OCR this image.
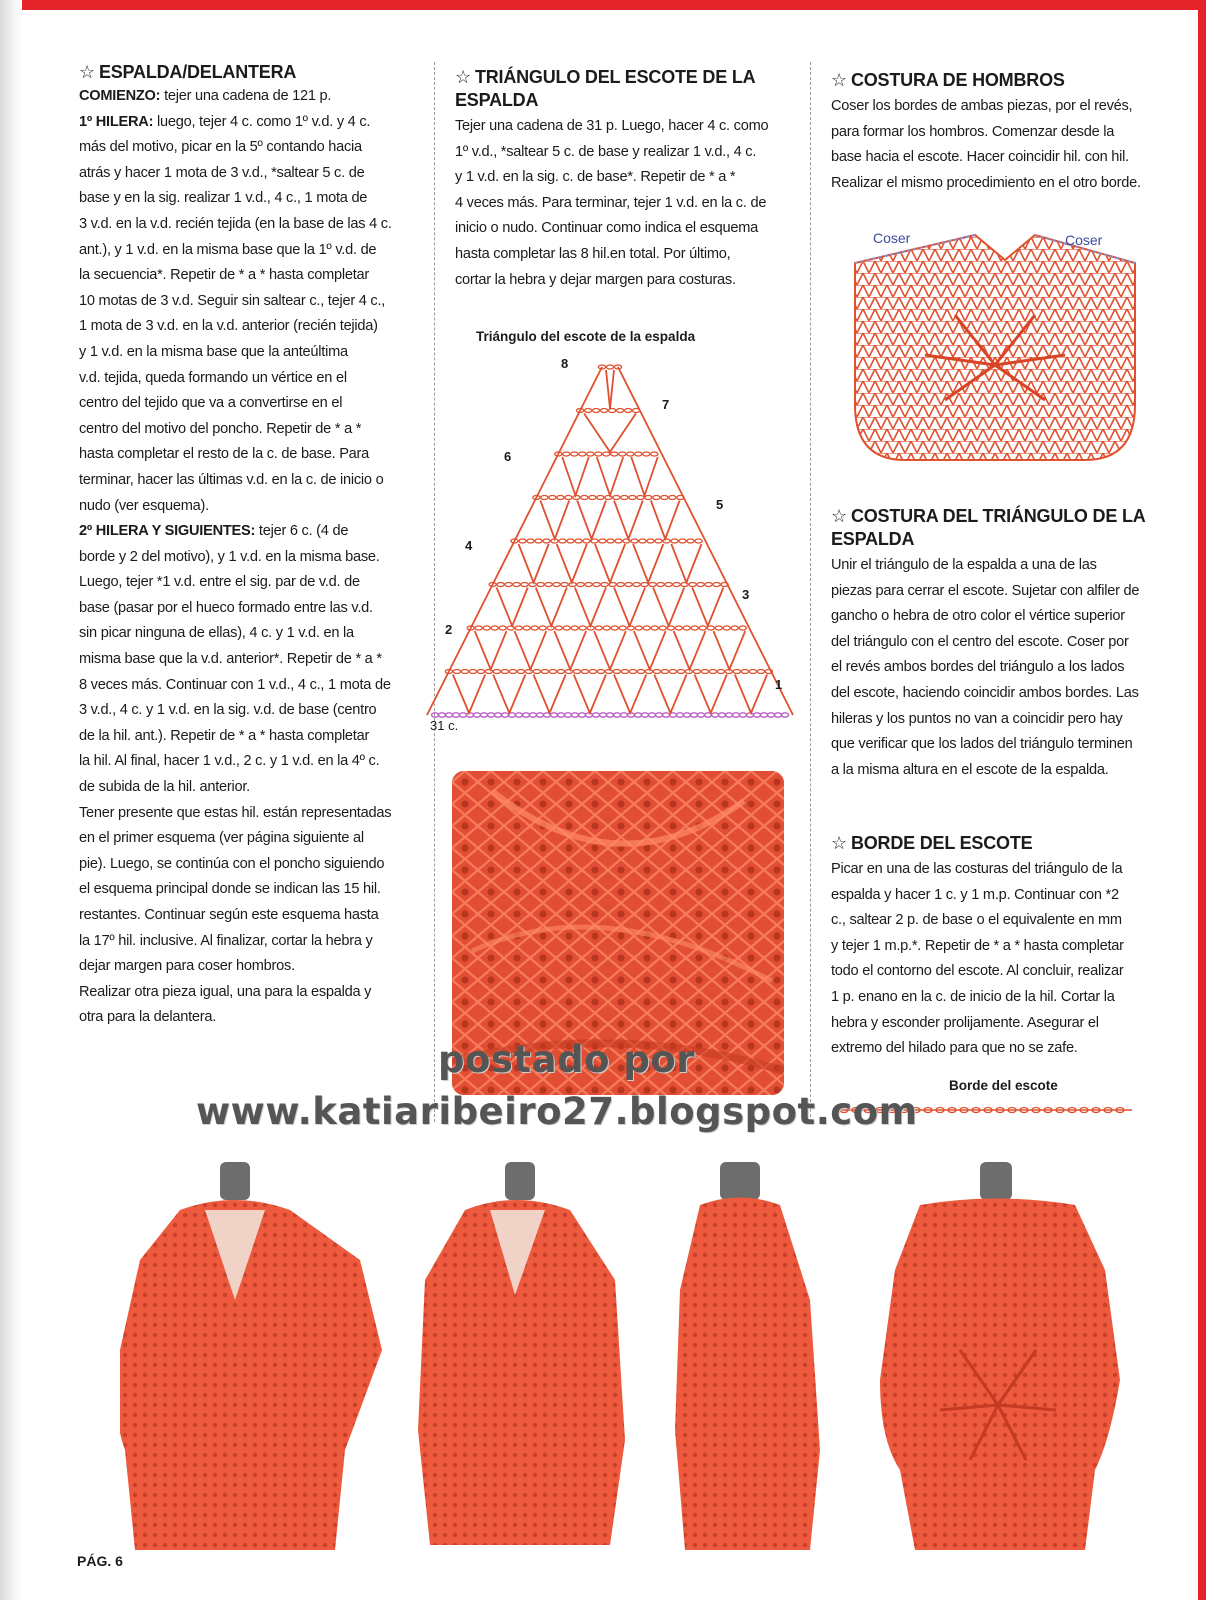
☆ ESPALDA/DELANTERA

COMIENZO: tejer una cadena de 121 p.

1º HILERA: luego, tejer 4 c. como 1º v.d. y 4 c.

más del motivo, picar en la 5º contando hacia

atrás y hacer 1 mota de 3 v.d., *saltear 5 c. de

base y en la sig. realizar 1 v.d., 4 c., 1 mota de

3 v.d. en la v.d. recién tejida (en la base de las 4 c.

ant.), y 1 v.d. en la misma base que la 1º v.d. de

la secuencia*. Repetir de * a * hasta completar

10 motas de 3 v.d. Seguir sin saltear c., tejer 4 c.,

1 mota de 3 v.d. en la v.d. anterior (recién tejida)

y 1 v.d. en la misma base que la anteúltima

v.d. tejida, queda formando un vértice en el

centro del tejido que va a convertirse en el

centro del motivo del poncho. Repetir de * a *

hasta completar el resto de la c. de base. Para

terminar, hacer las últimas v.d. en la c. de inicio o

nudo (ver esquema).

2º HILERA Y SIGUIENTES: tejer 6 c. (4 de

borde y 2 del motivo), y 1 v.d. en la misma base.

Luego, tejer *1 v.d. entre el sig. par de v.d. de

base (pasar por el hueco formado entre las v.d.

sin picar ninguna de ellas), 4 c. y 1 v.d. en la

misma base que la v.d. anterior*. Repetir de * a *

8 veces más. Continuar con 1 v.d., 4 c., 1 mota de

3 v.d., 4 c. y 1 v.d. en la sig. v.d. de base (centro

de la hil. ant.). Repetir de * a * hasta completar

la hil. Al final, hacer 1 v.d., 2 c. y 1 v.d. en la 4º c.

de subida de la hil. anterior.

Tener presente que estas hil. están representadas

en el primer esquema (ver página siguiente al

pie). Luego, se continúa con el poncho siguiendo

el esquema principal donde se indican las 15 hil.

restantes. Continuar según este esquema hasta

la 17º hil. inclusive. Al finalizar, cortar la hebra y

dejar margen para coser hombros.

Realizar otra pieza igual, una para la espalda y

otra para la delantera.

☆ TRIÁNGULO DEL ESCOTE DE LA

ESPALDA

Tejer una cadena de 31 p. Luego, hacer 4 c. como

1º v.d., *saltear 5 c. de base y realizar 1 v.d., 4 c.

y 1 v.d. en la sig. c. de base*. Repetir de * a *

4 veces más. Para terminar, tejer 1 v.d. en la c. de

inicio o nudo. Continuar como indica el esquema

hasta completar las 8 hil.en total. Por último,

cortar la hebra y dejar margen para costuras.

Triángulo del escote de la espalda
1
2
3
4
5
6
7
8
31 c.

☆ COSTURA DE HOMBROS

Coser los bordes de ambas piezas, por el revés,

para formar los hombros. Comenzar desde la

base hacia el escote. Hacer coincidir hil. con hil.

Realizar el mismo procedimiento en el otro borde.

Coser	Coser

☆ COSTURA DEL TRIÁNGULO DE LA

ESPALDA

Unir el triángulo de la espalda a una de las

piezas para cerrar el escote. Sujetar con alfiler de

gancho o hebra de otro color el vértice superior

del triángulo con el centro del escote. Coser por

el revés ambos bordes del triángulo a los lados

del escote, haciendo coincidir ambos bordes. Las

hileras y los puntos no van a coincidir pero hay

que verificar que los lados del triángulo terminen

a la misma altura en el escote de la espalda.

☆ BORDE DEL ESCOTE

Picar en una de las costuras del triángulo de la

espalda y hacer 1 c. y 1 m.p. Continuar con *2

c., saltear 2 p. de base o el equivalente en mm

y tejer 1 m.p.*. Repetir de * a * hasta completar

todo el contorno del escote. Al concluir, realizar

1 p. enano en la c. de inicio de la hil. Cortar la

hebra y esconder prolijamente. Asegurar el

extremo del hilado para que no se zafe.

Borde del escote
postado por
www.katiaribeiro27.blogspot.com
PÁG. 6
